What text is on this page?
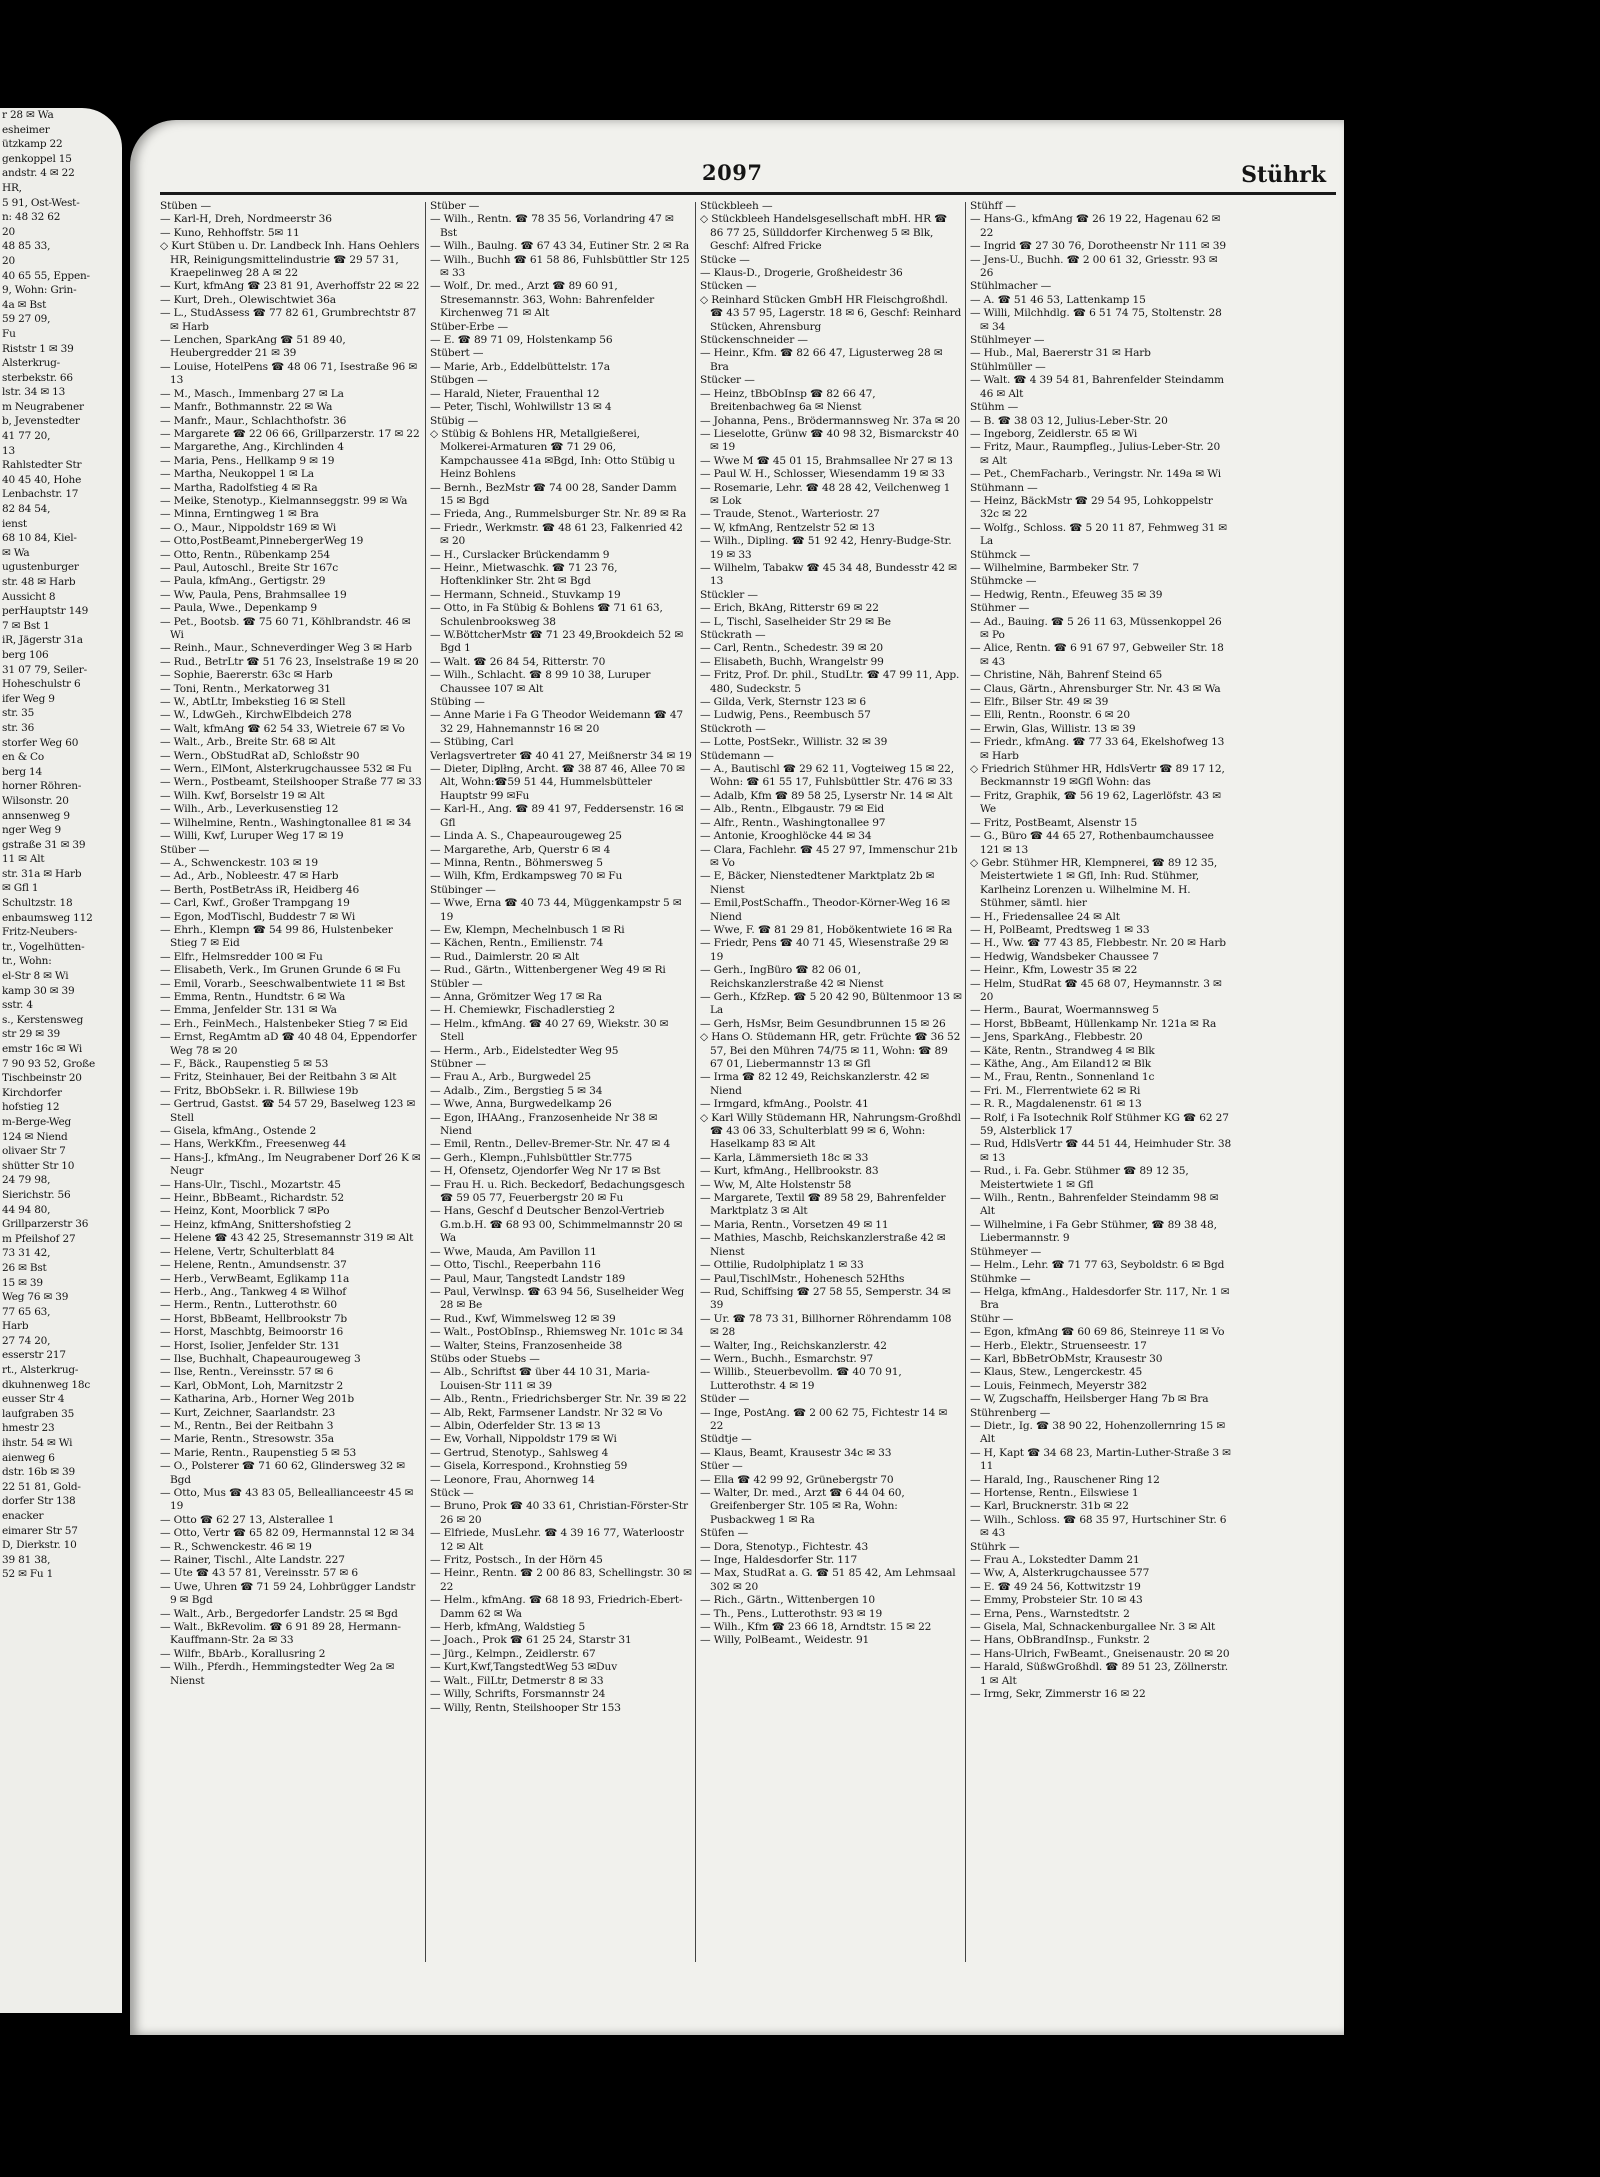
r 28 ✉ Wa
esheimer
ützkamp 22
genkoppel 15
andstr. 4 ✉ 22
HR,
5 91, Ost-West-
n: 48 32 62
20
48 85 33,
20
40 65 55, Eppen-
9, Wohn: Grin-
4a ✉ Bst
59 27 09,
Fu
Riststr 1 ✉ 39
Alsterkrug-
sterbekstr. 66
lstr. 34 ✉ 13
m Neugrabener
b, Jevenstedter
41 77 20,
13
Rahlstedter Str
40 45 40, Hohe
Lenbachstr. 17
82 84 54,
ienst
68 10 84, Kiel-
✉ Wa
ugustenburger
str. 48 ✉ Harb
Aussicht 8
perHauptstr 149
7 ✉ Bst 1
iR, Jägerstr 31a
berg 106
31 07 79, Seiler-
Hoheschulstr 6
ifer Weg 9
str. 35
str. 36
storfer Weg 60
en & Co
berg 14
horner Röhren-
Wilsonstr. 20
annsenweg 9
nger Weg 9
gstraße 31 ✉ 39
11 ✉ Alt
str. 31a ✉ Harb
✉ Gfl 1
Schultzstr. 18
enbaumsweg 112
Fritz-Neubers-
tr., Vogelhütten-
tr., Wohn:
el-Str 8 ✉ Wi
kamp 30 ✉ 39
sstr. 4
s., Kerstensweg
str 29 ✉ 39
emstr 16c ✉ Wi
7 90 93 52, Große
Tischbeinstr 20
Kirchdorfer
hofstieg 12
m-Berge-Weg
124 ✉ Niend
olivaer Str 7
shütter Str 10
24 79 98,
Sierichstr. 56
44 94 80,
Grillparzerstr 36
m Pfeilshof 27
73 31 42,
26 ✉ Bst
15 ✉ 39
Weg 76 ✉ 39
77 65 63,
Harb
27 74 20,
esserstr 217
rt., Alsterkrug-
dkuhnenweg 18c
eusser Str 4
laufgraben 35
hmestr 23
ihstr. 54 ✉ Wi
aienweg 6
dstr. 16b ✉ 39
22 51 81, Gold-
dorfer Str 138
enacker
eimarer Str 57
D, Dierkstr. 10
39 81 38,
52 ✉ Fu 1
2097	Stührk
Stüben —
— Karl-H, Dreh, Nordmeerstr 36
— Kuno, Rehhoffstr. 5✉ 11
◇ Kurt Stüben u. Dr. Landbeck Inh. Hans Oehlers HR, Reinigungsmittelindustrie ☎ 29 57 31, Kraepelinweg 28 A ✉ 22
— Kurt, kfmAng ☎ 23 81 91, Averhoffstr 22 ✉ 22
— Kurt, Dreh., Olewischtwiet 36a
— L., StudAssess ☎ 77 82 61, Grumbrechtstr 87 ✉ Harb
— Lenchen, SparkAng ☎ 51 89 40, Heubergredder 21 ✉ 39
— Louise, HotelPens ☎ 48 06 71, Isestraße 96 ✉ 13
— M., Masch., Immenbarg 27 ✉ La
— Manfr., Bothmannstr. 22 ✉ Wa
— Manfr., Maur., Schlachthofstr. 36
— Margarete ☎ 22 06 66, Grillparzerstr. 17 ✉ 22
— Margarethe, Ang., Kirchlinden 4
— Maria, Pens., Hellkamp 9 ✉ 19
— Martha, Neukoppel 1 ✉ La
— Martha, Radolfstieg 4 ✉ Ra
— Meike, Stenotyp., Kielmannseggstr. 99 ✉ Wa
— Minna, Erntingweg 1 ✉ Bra
— O., Maur., Nippoldstr 169 ✉ Wi
— Otto,PostBeamt,PinnebergerWeg 19
— Otto, Rentn., Rübenkamp 254
— Paul, Autoschl., Breite Str 167c
— Paula, kfmAng., Gertigstr. 29
— Ww, Paula, Pens, Brahmsallee 19
— Paula, Wwe., Depenkamp 9
— Pet., Bootsb. ☎ 75 60 71, Köhlbrandstr. 46 ✉ Wi
— Reinh., Maur., Schneverdinger Weg 3 ✉ Harb
— Rud., BetrLtr ☎ 51 76 23, Inselstraße 19 ✉ 20
— Sophie, Baererstr. 63c ✉ Harb
— Toni, Rentn., Merkatorweg 31
— W., AbtLtr, Imbekstieg 16 ✉ Stell
— W., LdwGeh., KirchwElbdeich 278
— Walt, kfmAng ☎ 62 54 33, Wietreie 67 ✉ Vo
— Walt., Arb., Breite Str. 68 ✉ Alt
— Wern., ObStudRat aD, Schloßstr 90
— Wern., ElMont, Alsterkrugchaussee 532 ✉ Fu
— Wern., Postbeamt, Steilshooper Straße 77 ✉ 33
— Wilh. Kwf, Borselstr 19 ✉ Alt
— Wilh., Arb., Leverkusenstieg 12
— Wilhelmine, Rentn., Washingtonallee 81 ✉ 34
— Willi, Kwf, Luruper Weg 17 ✉ 19
Stüber —
— A., Schwenckestr. 103 ✉ 19
— Ad., Arb., Nobleestr. 47 ✉ Harb
— Berth, PostBetrAss iR, Heidberg 46
— Carl, Kwf., Großer Trampgang 19
— Egon, ModTischl, Buddestr 7 ✉ Wi
— Ehrh., Klempn ☎ 54 99 86, Hulstenbeker Stieg 7 ✉ Eid
— Elfr., Helmsredder 100 ✉ Fu
— Elisabeth, Verk., Im Grunen Grunde 6 ✉ Fu
— Emil, Vorarb., Seeschwalbentwiete 11 ✉ Bst
— Emma, Rentn., Hundtstr. 6 ✉ Wa
— Emma, Jenfelder Str. 131 ✉ Wa
— Erh., FeinMech., Halstenbeker Stieg 7 ✉ Eid
— Ernst, RegAmtm aD ☎ 40 48 04, Eppendorfer Weg 78 ✉ 20
— F., Bäck., Raupenstieg 5 ✉ 53
— Fritz, Steinhauer, Bei der Reitbahn 3 ✉ Alt
— Fritz, BbObSekr. i. R. Billwiese 19b
— Gertrud, Gastst. ☎ 54 57 29, Baselweg 123 ✉ Stell
— Gisela, kfmAng., Ostende 2
— Hans, WerkKfm., Freesenweg 44
— Hans-J., kfmAng., Im Neugrabener Dorf 26 K ✉ Neugr
— Hans-Ulr., Tischl., Mozartstr. 45
— Heinr., BbBeamt., Richardstr. 52
— Heinz, Kont, Moorblick 7 ✉Po
— Heinz, kfmAng, Snittershofstieg 2
— Helene ☎ 43 42 25, Stresemannstr 319 ✉ Alt
— Helene, Vertr, Schulterblatt 84
— Helene, Rentn., Amundsenstr. 37
— Herb., VerwBeamt, Eglikamp 11a
— Herb., Ang., Tankweg 4 ✉ Wilhof
— Herm., Rentn., Lutterothstr. 60
— Horst, BbBeamt, Hellbrookstr 7b
— Horst, Maschbtg, Beimoorstr 16
— Horst, Isolier, Jenfelder Str. 131
— Ilse, Buchhalt, Chapeaurougeweg 3
— Ilse, Rentn., Vereinsstr. 57 ✉ 6
— Karl, ObMont, Loh, Marnitzstr 2
— Katharina, Arb., Horner Weg 201b
— Kurt, Zeichner, Saarlandstr. 23
— M., Rentn., Bei der Reitbahn 3
— Marie, Rentn., Stresowstr. 35a
— Marie, Rentn., Raupenstieg 5 ✉ 53
— O., Polsterer ☎ 71 60 62, Glindersweg 32 ✉ Bgd
— Otto, Mus ☎ 43 83 05, Belleallianceestr 45 ✉ 19
— Otto ☎ 62 27 13, Alsterallee 1
— Otto, Vertr ☎ 65 82 09, Hermannstal 12 ✉ 34
— R., Schwenckestr. 46 ✉ 19
— Rainer, Tischl., Alte Landstr. 227
— Ute ☎ 43 57 81, Vereinsstr. 57 ✉ 6
— Uwe, Uhren ☎ 71 59 24, Lohbrügger Landstr 9 ✉ Bgd
— Walt., Arb., Bergedorfer Landstr. 25 ✉ Bgd
— Walt., BkRevolim. ☎ 6 91 89 28, Hermann-Kauffmann-Str. 2a ✉ 33
— Wilfr., BbArb., Korallusring 2
— Wilh., Pferdh., Hemmingstedter Weg 2a ✉ Nienst
Stüber —
— Wilh., Rentn. ☎ 78 35 56, Vorlandring 47 ✉ Bst
— Wilh., Baulng. ☎ 67 43 34, Eutiner Str. 2 ✉ Ra
— Wilh., Buchh ☎ 61 58 86, Fuhlsbüttler Str 125 ✉ 33
— Wolf., Dr. med., Arzt ☎ 89 60 91, Stresemannstr. 363, Wohn: Bahrenfelder Kirchenweg 71 ✉ Alt
Stüber-Erbe —
— E. ☎ 89 71 09, Holstenkamp 56
Stübert —
— Marie, Arb., Eddelbüttelstr. 17a
Stübgen —
— Harald, Nieter, Frauenthal 12
— Peter, Tischl, Wohlwillstr 13 ✉ 4
Stübig —
◇ Stübig & Bohlens HR, Metallgießerei, Molkerei-Armaturen ☎ 71 29 06, Kampchaussee 41a ✉Bgd, Inh: Otto Stübig u Heinz Bohlens
— Bernh., BezMstr ☎ 74 00 28, Sander Damm 15 ✉ Bgd
— Frieda, Ang., Rummelsburger Str. Nr. 89 ✉ Ra
— Friedr., Werkmstr. ☎ 48 61 23, Falkenried 42 ✉ 20
— H., Curslacker Brückendamm 9
— Heinr., Mietwaschk. ☎ 71 23 76, Hoftenklinker Str. 2ht ✉ Bgd
— Hermann, Schneid., Stuvkamp 19
— Otto, in Fa Stübig & Bohlens ☎ 71 61 63, Schulenbrooksweg 38
— W.BöttcherMstr ☎ 71 23 49,Brookdeich 52 ✉ Bgd 1
— Walt. ☎ 26 84 54, Ritterstr. 70
— Wilh., Schlacht. ☎ 8 99 10 38, Luruper Chaussee 107 ✉ Alt
Stübing —
— Anne Marie i Fa G Theodor Weidemann ☎ 47 32 29, Hahnemannstr 16 ✉ 20
— Stübing, Carl
Verlagsvertreter ☎ 40 41 27, Meißnerstr 34 ✉ 19
— Dieter, Diplłng, Archt. ☎ 38 87 46, Allee 70 ✉ Alt, Wohn:☎59 51 44, Hummelsbütteler Hauptstr 99 ✉Fu
— Karl-H., Ang. ☎ 89 41 97, Feddersenstr. 16 ✉ Gfl
— Linda A. S., Chapeaurougeweg 25
— Margarethe, Arb, Querstr 6 ✉ 4
— Minna, Rentn., Böhmersweg 5
— Wilh, Kfm, Erdkampsweg 70 ✉ Fu
Stübinger —
— Wwe, Erna ☎ 40 73 44, Müggenkampstr 5 ✉ 19
— Ew, Klempn, Mechelnbusch 1 ✉ Ri
— Kächen, Rentn., Emilienstr. 74
— Rud., Daimlerstr. 20 ✉ Alt
— Rud., Gärtn., Wittenbergener Weg 49 ✉ Ri
Stübler —
— Anna, Grömitzer Weg 17 ✉ Ra
— H. Chemiewkr, Fischadlerstieg 2
— Helm., kfmAng. ☎ 40 27 69, Wiekstr. 30 ✉ Stell
— Herm., Arb., Eidelstedter Weg 95
Stübner —
— Frau A., Arb., Burgwedel 25
— Adalb., Zim., Bergstieg 5 ✉ 34
— Wwe, Anna, Burgwedelkamp 26
— Egon, IHAAng., Franzosenheide Nr 38 ✉ Niend
— Emil, Rentn., Dellev-Bremer-Str. Nr. 47 ✉ 4
— Gerh., Klempn.,Fuhlsbüttler Str.775
— H, Ofensetz, Ojendorfer Weg Nr 17 ✉ Bst
— Frau H. u. Rich. Beckedorf, Bedachungsgesch ☎ 59 05 77, Feuerbergstr 20 ✉ Fu
— Hans, Geschf d Deutscher Benzol-Vertrieb G.m.b.H. ☎ 68 93 00, Schimmelmannstr 20 ✉ Wa
— Wwe, Mauda, Am Pavillon 11
— Otto, Tischl., Reeperbahn 116
— Paul, Maur, Tangstedt Landstr 189
— Paul, Verwlnsp. ☎ 63 94 56, Suselheider Weg 28 ✉ Be
— Rud., Kwf, Wimmelsweg 12 ✉ 39
— Walt., PostObInsp., Rhiemsweg Nr. 101c ✉ 34
— Walter, Steins, Franzosenheide 38
Stübs oder Stuebs —
— Alb., Schriftst ☎ über 44 10 31, Maria-Louisen-Str 111 ✉ 39
— Alb., Rentn., Friedrichsberger Str. Nr. 39 ✉ 22
— Alb, Rekt, Farmsener Landstr. Nr 32 ✉ Vo
— Albin, Oderfelder Str. 13 ✉ 13
— Ew, Vorhall, Nippoldstr 179 ✉ Wi
— Gertrud, Stenotyp., Sahlsweg 4
— Gisela, Korrespond., Krohnstieg 59
— Leonore, Frau, Ahornweg 14
Stück —
— Bruno, Prok ☎ 40 33 61, Christian-Förster-Str 26 ✉ 20
— Elfriede, MusLehr. ☎ 4 39 16 77, Waterloostr 12 ✉ Alt
— Fritz, Postsch., In der Hörn 45
— Heinr., Rentn. ☎ 2 00 86 83, Schellingstr. 30 ✉ 22
— Helm., kfmAng. ☎ 68 18 93, Friedrich-Ebert-Damm 62 ✉ Wa
— Herb, kfmAng, Waldstieg 5
— Joach., Prok ☎ 61 25 24, Starstr 31
— Jürg., Kelmpn., Zeidlerstr. 67
— Kurt,Kwf,TangstedtWeg 53 ✉Duv
— Walt., FilLtr, Detmerstr 8 ✉ 33
— Willy, Schrifts, Forsmannstr 24
— Willy, Rentn, Steilshooper Str 153
Stückbleeh —
◇ Stückbleeh Handelsgesellschaft mbH. HR ☎ 86 77 25, Süllddorfer Kirchenweg 5 ✉ Blk, Geschf: Alfred Fricke
Stücke —
— Klaus-D., Drogerie, Großheidestr 36
Stücken —
◇ Reinhard Stücken GmbH HR Fleischgroßhdl. ☎ 43 57 95, Lagerstr. 18 ✉ 6, Geschf: Reinhard Stücken, Ahrensburg
Stückenschneider —
— Heinr., Kfm. ☎ 82 66 47, Ligusterweg 28 ✉ Bra
Stücker —
— Heinz, tBbObInsp ☎ 82 66 47, Breitenbachweg 6a ✉ Nienst
— Johanna, Pens., Brödermannsweg Nr. 37a ✉ 20
— Lieselotte, Grünw ☎ 40 98 32, Bismarckstr 40 ✉ 19
— Wwe M ☎ 45 01 15, Brahmsallee Nr 27 ✉ 13
— Paul W. H., Schlosser, Wiesendamm 19 ✉ 33
— Rosemarie, Lehr. ☎ 48 28 42, Veilchenweg 1 ✉ Lok
— Traude, Stenot., Warteriostr. 27
— W, kfmAng, Rentzelstr 52 ✉ 13
— Wilh., Dipling. ☎ 51 92 42, Henry-Budge-Str. 19 ✉ 33
— Wilhelm, Tabakw ☎ 45 34 48, Bundesstr 42 ✉13
Stückler —
— Erich, BkAng, Ritterstr 69 ✉ 22
— L, Tischl, Saselheider Str 29 ✉ Be
Stückrath —
— Carl, Rentn., Schedestr. 39 ✉ 20
— Elisabeth, Buchh, Wrangelstr 99
— Fritz, Prof. Dr. phil., StudLtr. ☎ 47 99 11, App. 480, Sudeckstr. 5
— Gilda, Verk, Sternstr 123 ✉ 6
— Ludwig, Pens., Reembusch 57
Stückroth —
— Lotte, PostSekr., Willistr. 32 ✉ 39
Stüdemann —
— A., Bautischl ☎ 29 62 11, Vogteiweg 15 ✉ 22, Wohn: ☎ 61 55 17, Fuhlsbüttler Str. 476 ✉ 33
— Adalb, Kfm ☎ 89 58 25, Lyserstr Nr. 14 ✉ Alt
— Alb., Rentn., Elbgaustr. 79 ✉ Eid
— Alfr., Rentn., Washingtonallee 97
— Antonie, Krooghlöcke 44 ✉ 34
— Clara, Fachlehr. ☎ 45 27 97, Immenschur 21b ✉ Vo
— E, Bäcker, Nienstedtener Marktplatz 2b ✉ Nienst
— Emil,PostSchaffn., Theodor-Körner-Weg 16 ✉ Niend
— Wwe, F. ☎ 81 29 81, Hobökentwiete 16 ✉ Ra
— Friedr, Pens ☎ 40 71 45, Wiesenstraße 29 ✉ 19
— Gerh., IngBüro ☎ 82 06 01, Reichskanzlerstraße 42 ✉ Nienst
— Gerh., KfzRep. ☎ 5 20 42 90, Bültenmoor 13 ✉ La
— Gerh, HsMsr, Beim Gesundbrunnen 15 ✉ 26
◇ Hans O. Stüdemann HR, getr. Früchte ☎ 36 52 57, Bei den Mühren 74/75 ✉ 11, Wohn: ☎ 89 67 01, Liebermannstr 13 ✉ Gfl
— Irma ☎ 82 12 49, Reichskanzlerstr. 42 ✉ Niend
— Irmgard, kfmAng., Poolstr. 41
◇ Karl Willy Stüdemann HR, Nahrungsm-Großhdl ☎ 43 06 33, Schulterblatt 99 ✉ 6, Wohn: Haselkamp 83 ✉ Alt
— Karla, Lämmersieth 18c ✉ 33
— Kurt, kfmAng., Hellbrookstr. 83
— Ww, M, Alte Holstenstr 58
— Margarete, Textil ☎ 89 58 29, Bahrenfelder Marktplatz 3 ✉ Alt
— Maria, Rentn., Vorsetzen 49 ✉ 11
— Mathies, Maschb, Reichskanzlerstraße 42 ✉ Nienst
— Ottilie, Rudolphiplatz 1 ✉ 33
— Paul,TischlMstr., Hohenesch 52Hths
— Rud, Schiffsing ☎ 27 58 55, Semperstr. 34 ✉ 39
— Ur. ☎ 78 73 31, Billhorner Röhrendamm 108 ✉ 28
— Walter, Ing., Reichskanzlerstr. 42
— Wern., Buchh., Esmarchstr. 97
— Willib., Steuerbevollm. ☎ 40 70 91, Lutterothstr. 4 ✉ 19
Stüder —
— Inge, PostAng. ☎ 2 00 62 75, Fichtestr 14 ✉ 22
Stüdtje —
— Klaus, Beamt, Krausestr 34c ✉ 33
Stüer —
— Ella ☎ 42 99 92, Grünebergstr 70
— Walter, Dr. med., Arzt ☎ 6 44 04 60, Greifenberger Str. 105 ✉ Ra, Wohn: Pusbackweg 1 ✉ Ra
Stüfen —
— Dora, Stenotyp., Fichtestr. 43
— Inge, Haldesdorfer Str. 117
— Max, StudRat a. G. ☎ 51 85 42, Am Lehmsaal 302 ✉ 20
— Rich., Gärtn., Wittenbergen 10
— Th., Pens., Lutterothstr. 93 ✉ 19
— Wilh., Kfm ☎ 23 66 18, Arndtstr. 15 ✉ 22
— Willy, PolBeamt., Weidestr. 91
Stühff —
— Hans-G., kfmAng ☎ 26 19 22, Hagenau 62 ✉ 22
— Ingrid ☎ 27 30 76, Dorotheenstr Nr 111 ✉ 39
— Jens-U., Buchh. ☎ 2 00 61 32, Griesstr. 93 ✉ 26
Stühlmacher —
— A. ☎ 51 46 53, Lattenkamp 15
— Willi, Milchhdlg. ☎ 6 51 74 75, Stoltenstr. 28 ✉ 34
Stühlmeyer —
— Hub., Mal, Baererstr 31 ✉ Harb
Stühlmüller —
— Walt. ☎ 4 39 54 81, Bahrenfelder Steindamm 46 ✉ Alt
Stühm —
— B. ☎ 38 03 12, Julius-Leber-Str. 20
— Ingeborg, Zeidlerstr. 65 ✉ Wi
— Fritz, Maur., Raumpfleg., Julius-Leber-Str. 20 ✉ Alt
— Pet., ChemFacharb., Veringstr. Nr. 149a ✉ Wi
Stühmann —
— Heinz, BäckMstr ☎ 29 54 95, Lohkoppelstr 32c ✉ 22
— Wolfg., Schloss. ☎ 5 20 11 87, Fehmweg 31 ✉ La
Stühmck —
— Wilhelmine, Barmbeker Str. 7
Stühmcke —
— Hedwig, Rentn., Efeuweg 35 ✉ 39
Stühmer —
— Ad., Bauing. ☎ 5 26 11 63, Müssenkoppel 26 ✉ Po
— Alice, Rentn. ☎ 6 91 67 97, Gebweiler Str. 18 ✉ 43
— Christine, Näh, Bahrenf Steind 65
— Claus, Gärtn., Ahrensburger Str. Nr. 43 ✉ Wa
— Elfr., Bilser Str. 49 ✉ 39
— Elli, Rentn., Roonstr. 6 ✉ 20
— Erwin, Glas, Willistr. 13 ✉ 39
— Friedr., kfmAng. ☎ 77 33 64, Ekelshofweg 13 ✉ Harb
◇ Friedrich Stühmer HR, HdlsVertr ☎ 89 17 12, Beckmannstr 19 ✉Gfl Wohn: das
— Fritz, Graphik, ☎ 56 19 62, Lagerlöfstr. 43 ✉ We
— Fritz, PostBeamt, Alsenstr 15
— G., Büro ☎ 44 65 27, Rothenbaumchaussee 121 ✉ 13
◇ Gebr. Stühmer HR, Klempnerei, ☎ 89 12 35, Meistertwiete 1 ✉ Gfl, Inh: Rud. Stühmer, Karlheinz Lorenzen u. Wilhelmine M. H. Stühmer, sämtl. hier
— H., Friedensallee 24 ✉ Alt
— H, PolBeamt, Predtsweg 1 ✉ 33
— H., Ww. ☎ 77 43 85, Flebbestr. Nr. 20 ✉ Harb
— Hedwig, Wandsbeker Chaussee 7
— Heinr., Kfm, Lowestr 35 ✉ 22
— Helm, StudRat ☎ 45 68 07, Heymannstr. 3 ✉ 20
— Herm., Baurat, Woermannsweg 5
— Horst, BbBeamt, Hüllenkamp Nr. 121a ✉ Ra
— Jens, SparkAng., Flebbestr. 20
— Käte, Rentn., Strandweg 4 ✉ Blk
— Käthe, Ang., Am Eiland12 ✉ Blk
— M., Frau, Rentn., Sonnenland 1c
— Fri. M., Flerrentwiete 62 ✉ Ri
— R. R., Magdalenenstr. 61 ✉ 13
— Rolf, i Fa Isotechnik Rolf Stühmer KG ☎ 62 27 59, Alsterblick 17
— Rud, HdlsVertr ☎ 44 51 44, Heimhuder Str. 38 ✉ 13
— Rud., i. Fa. Gebr. Stühmer ☎ 89 12 35, Meistertwiete 1 ✉ Gfl
— Wilh., Rentn., Bahrenfelder Steindamm 98 ✉ Alt
— Wilhelmine, i Fa Gebr Stühmer, ☎ 89 38 48, Liebermannstr. 9
Stühmeyer —
— Helm., Lehr. ☎ 71 77 63, Seyboldstr. 6 ✉ Bgd
Stühmke —
— Helga, kfmAng., Haldesdorfer Str. 117, Nr. 1 ✉ Bra
Stühr —
— Egon, kfmAng ☎ 60 69 86, Steinreye 11 ✉ Vo
— Herb., Elektr., Struenseestr. 17
— Karl, BbBetrObMstr, Krausestr 30
— Klaus, Stew., Lengerckestr. 45
— Louis, Feinmech, Meyerstr 382
— W, Zugschaffn, Heilsberger Hang 7b ✉ Bra
Stührenberg —
— Dietr., Ig. ☎ 38 90 22, Hohenzollernring 15 ✉ Alt
— H, Kapt ☎ 34 68 23, Martin-Luther-Straße 3 ✉ 11
— Harald, Ing., Rauschener Ring 12
— Hortense, Rentn., Eilswiese 1
— Karl, Brucknerstr. 31b ✉ 22
— Wilh., Schloss. ☎ 68 35 97, Hurtschiner Str. 6 ✉ 43
Stührk —
— Frau A., Lokstedter Damm 21
— Ww, A, Alsterkrugchaussee 577
— E. ☎ 49 24 56, Kottwitzstr 19
— Emmy, Probsteier Str. 10 ✉ 43
— Erna, Pens., Warnstedtstr. 2
— Gisela, Mal, Schnackenburgallee Nr. 3 ✉ Alt
— Hans, ObBrandInsp., Funkstr. 2
— Hans-Ulrich, FwBeamt., Gneisenaustr. 20 ✉ 20
— Harald, SüßwGroßhdl. ☎ 89 51 23, Zöllnerstr. 1 ✉ Alt
— Irmg, Sekr, Zimmerstr 16 ✉ 22
